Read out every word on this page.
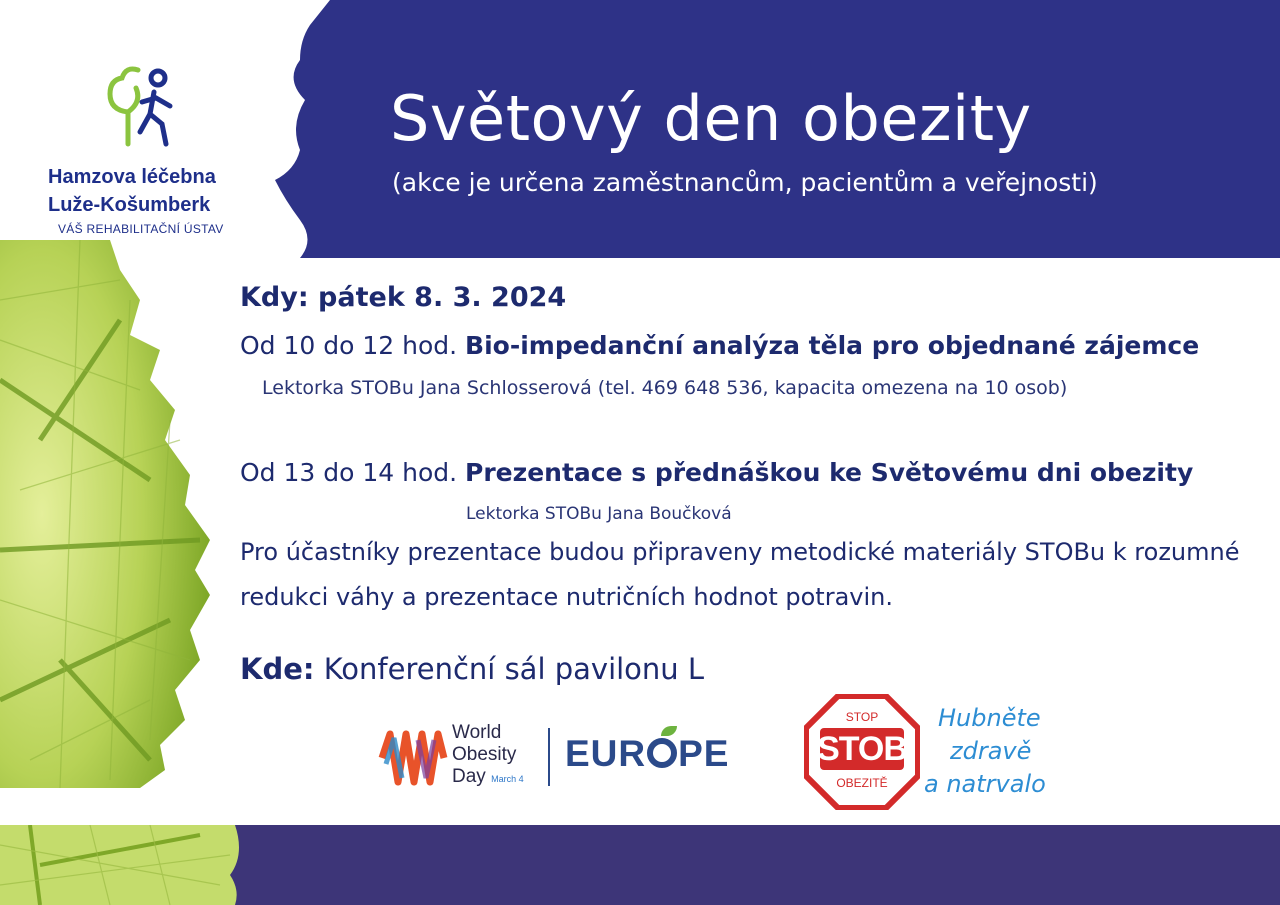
Světový den obezity
(akce je určena zaměstnancům, pacientům a veřejnosti)
Hamzova léčebna
Luže-Košumberk
VÁŠ REHABILITAČNÍ ÚSTAV
Kdy: pátek 8. 3. 2024
Od 10 do 12 hod. Bio-impedanční analýza těla pro objednané zájemce
Lektorka STOBu Jana Schlosserová (tel. 469 648 536, kapacita omezena na 10 osob)
Od 13 do 14 hod. Prezentace s přednáškou ke Světovému dni obezity
Lektorka STOBu Jana Boučková
Pro účastníky prezentace budou připraveny metodické materiály STOBu k rozumné redukci váhy a prezentace nutričních hodnot potravin.
Kde: Konferenční sál pavilonu L
World
Obesity
Day March 4
EUR PE
STOP
STOB
OBEZITĚ
Hubněte
zdravě
a natrvalo
